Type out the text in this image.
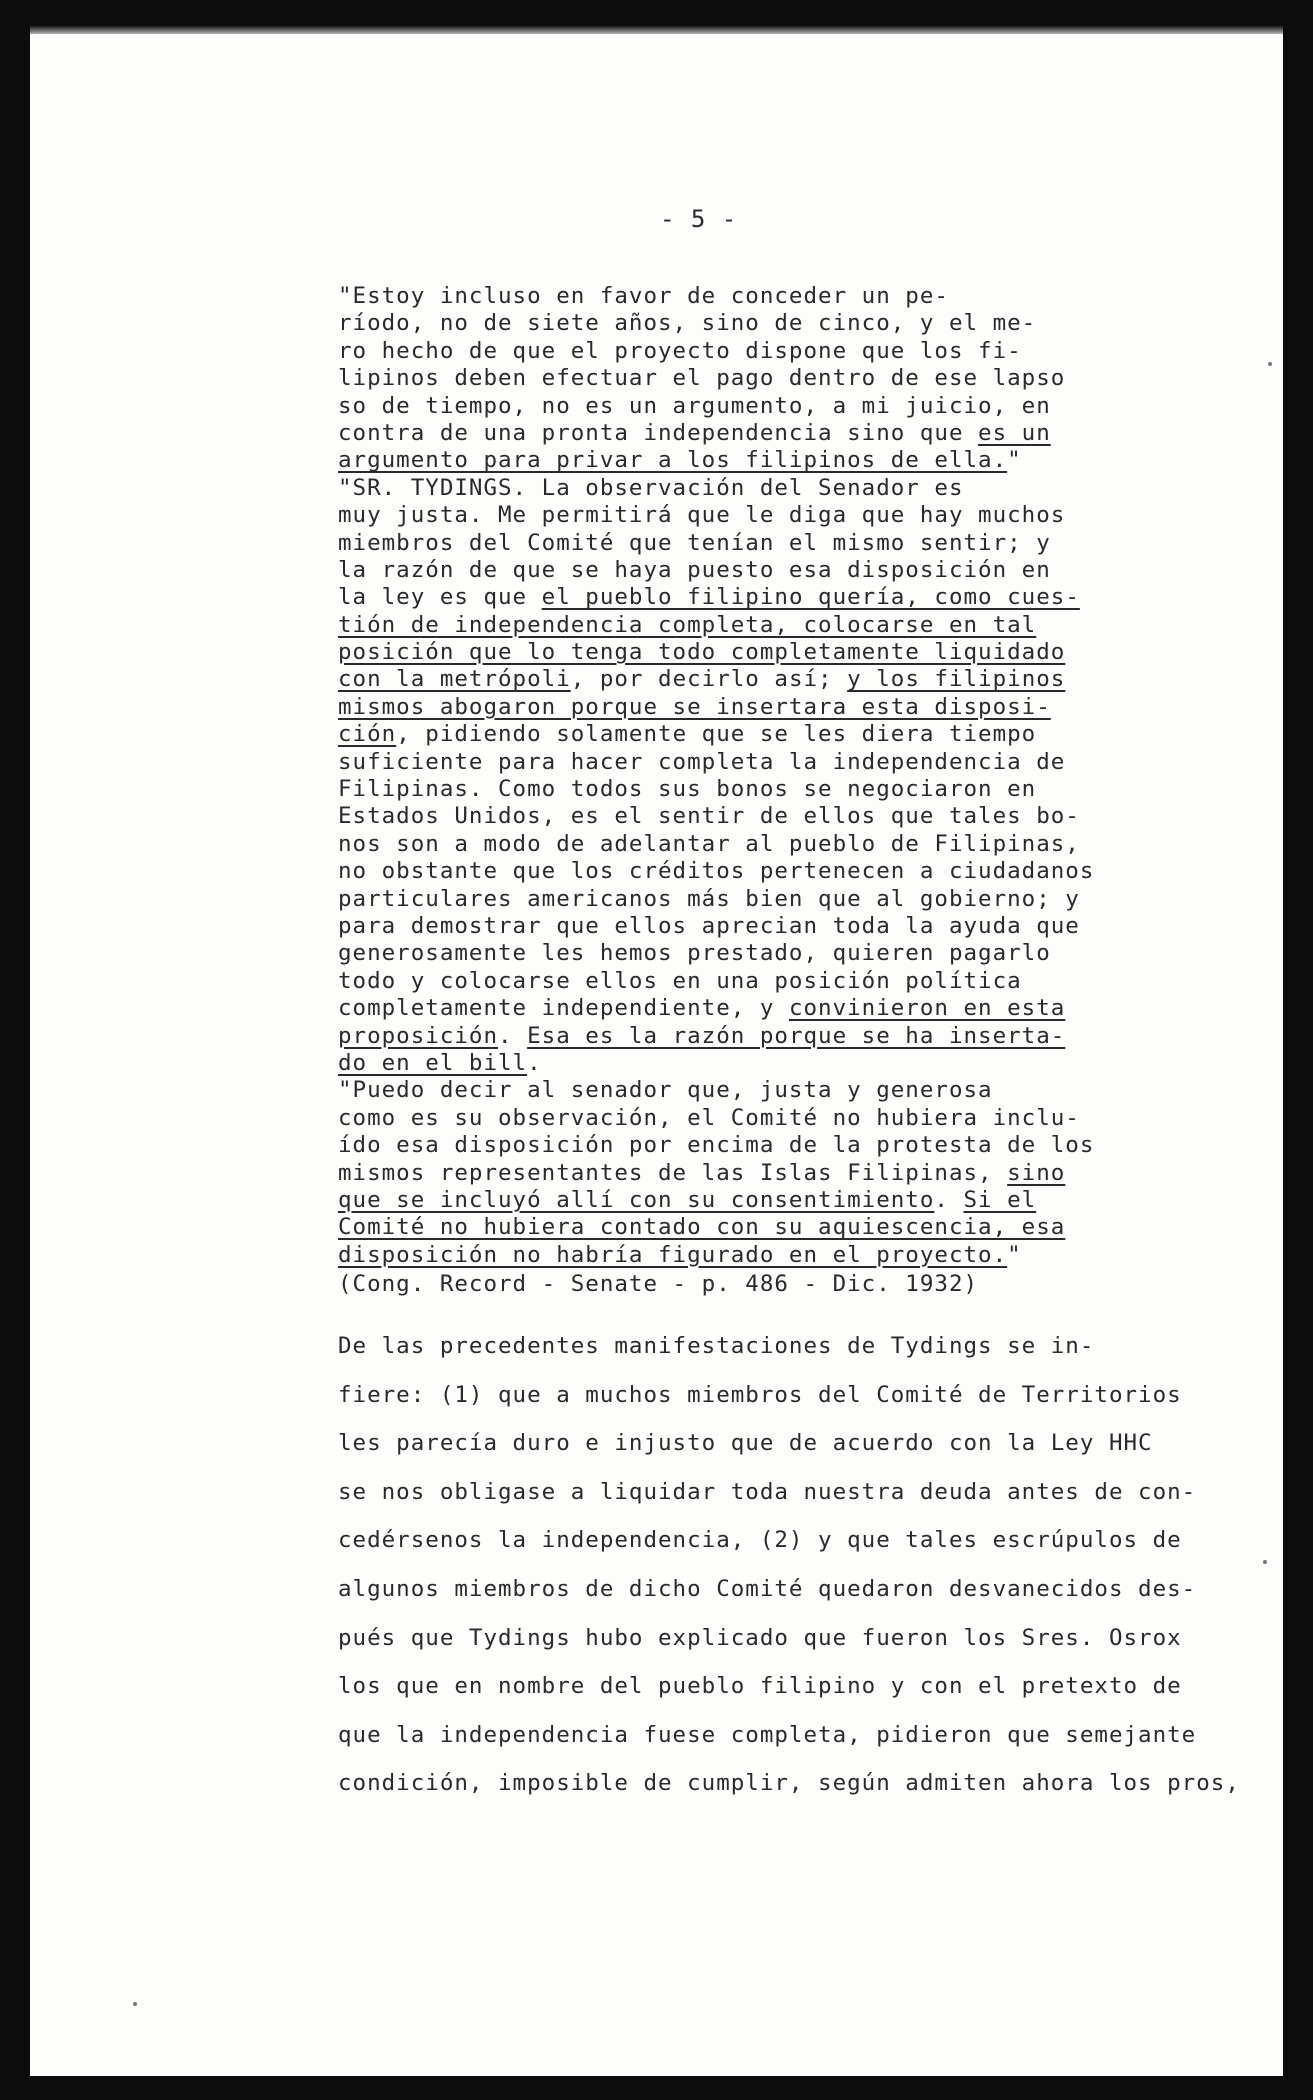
- 5 -
"Estoy incluso en favor de conceder un pe-
ríodo, no de siete años, sino de cinco, y el me-
ro hecho de que el proyecto dispone que los fi-
lipinos deben efectuar el pago dentro de ese lapso
so de tiempo, no es un argumento, a mi juicio, en
contra de una pronta independencia sino que es un
argumento para privar a los filipinos de ella."
"SR. TYDINGS. La observación del Senador es
muy justa. Me permitirá que le diga que hay muchos
miembros del Comité que tenían el mismo sentir; y
la razón de que se haya puesto esa disposición en
la ley es que el pueblo filipino quería, como cues-
tión de independencia completa, colocarse en tal
posición que lo tenga todo completamente liquidado
con la metrópoli, por decirlo así; y los filipinos
mismos abogaron porque se insertara esta disposi-
ción, pidiendo solamente que se les diera tiempo
suficiente para hacer completa la independencia de
Filipinas. Como todos sus bonos se negociaron en
Estados Unidos, es el sentir de ellos que tales bo-
nos son a modo de adelantar al pueblo de Filipinas,
no obstante que los créditos pertenecen a ciudadanos
particulares americanos más bien que al gobierno; y
para demostrar que ellos aprecian toda la ayuda que
generosamente les hemos prestado, quieren pagarlo
todo y colocarse ellos en una posición política
completamente independiente, y convinieron en esta
proposición. Esa es la razón porque se ha inserta-
do en el bill.
"Puedo decir al senador que, justa y generosa
como es su observación, el Comité no hubiera inclu-
ído esa disposición por encima de la protesta de los
mismos representantes de las Islas Filipinas, sino
que se incluyó allí con su consentimiento. Si el
Comité no hubiera contado con su aquiescencia, esa
disposición no habría figurado en el proyecto."
(Cong. Record - Senate - p. 486 - Dic. 1932)
De las precedentes manifestaciones de Tydings se in-
fiere: (1) que a muchos miembros del Comité de Territorios
les parecía duro e injusto que de acuerdo con la Ley HHC
se nos obligase a liquidar toda nuestra deuda antes de con-
cedérsenos la independencia, (2) y que tales escrúpulos de
algunos miembros de dicho Comité quedaron desvanecidos des-
pués que Tydings hubo explicado que fueron los Sres. Osrox
los que en nombre del pueblo filipino y con el pretexto de
que la independencia fuese completa, pidieron que semejante
condición, imposible de cumplir, según admiten ahora los pros,
